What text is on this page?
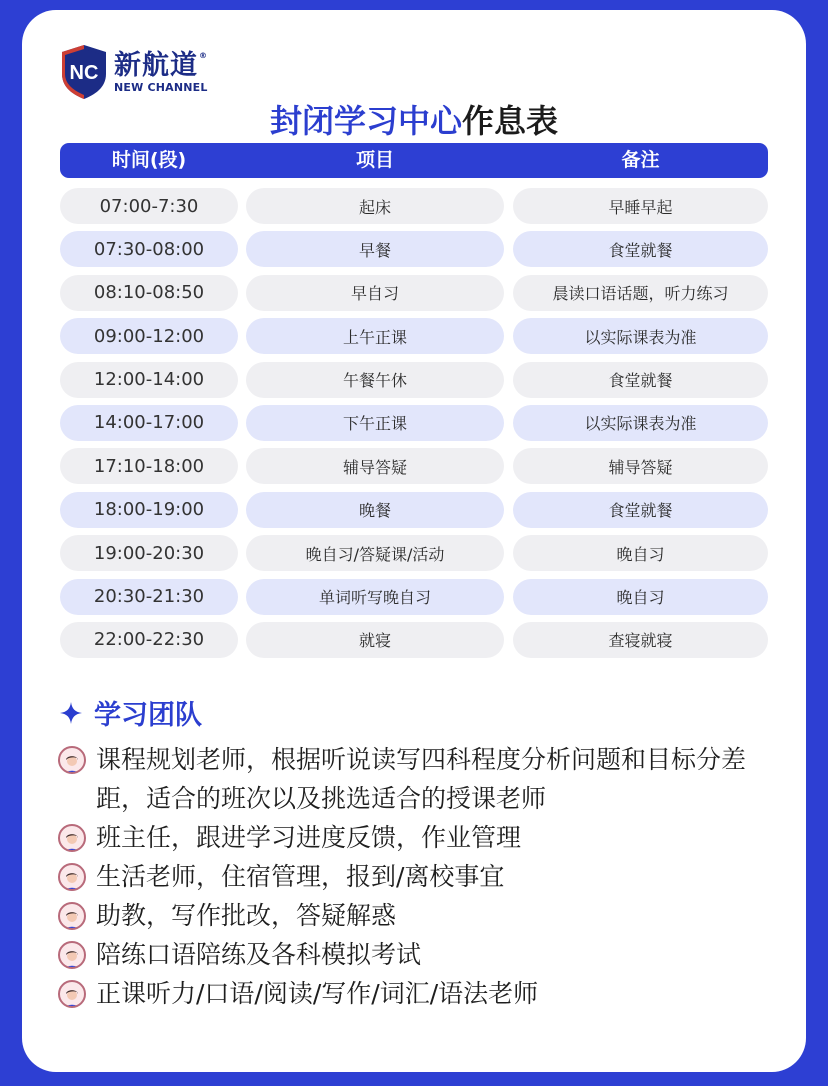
NC 新航道®
NEW CHANNEL
封闭学习中心作息表
时间(段)	项目	备注
07:00-7:30	起床	早睡早起
07:30-08:00	早餐	食堂就餐
08:10-08:50	早自习	晨读口语话题，听力练习
09:00-12:00	上午正课	以实际课表为准
12:00-14:00	午餐午休	食堂就餐
14:00-17:00	下午正课	以实际课表为准
17:10-18:00	辅导答疑	辅导答疑
18:00-19:00	晚餐	食堂就餐
19:00-20:30	晚自习/答疑课/活动	晚自习
20:30-21:30	单词听写晚自习	晚自习
22:00-22:30	就寝	查寝就寝
学习团队
课程规划老师，根据听说读写四科程度分析问题和目标分差距，适合的班次以及挑选适合的授课老师
班主任，跟进学习进度反馈，作业管理
生活老师，住宿管理，报到/离校事宜
助教，写作批改，答疑解惑
陪练口语陪练及各科模拟考试
正课听力/口语/阅读/写作/词汇/语法老师
